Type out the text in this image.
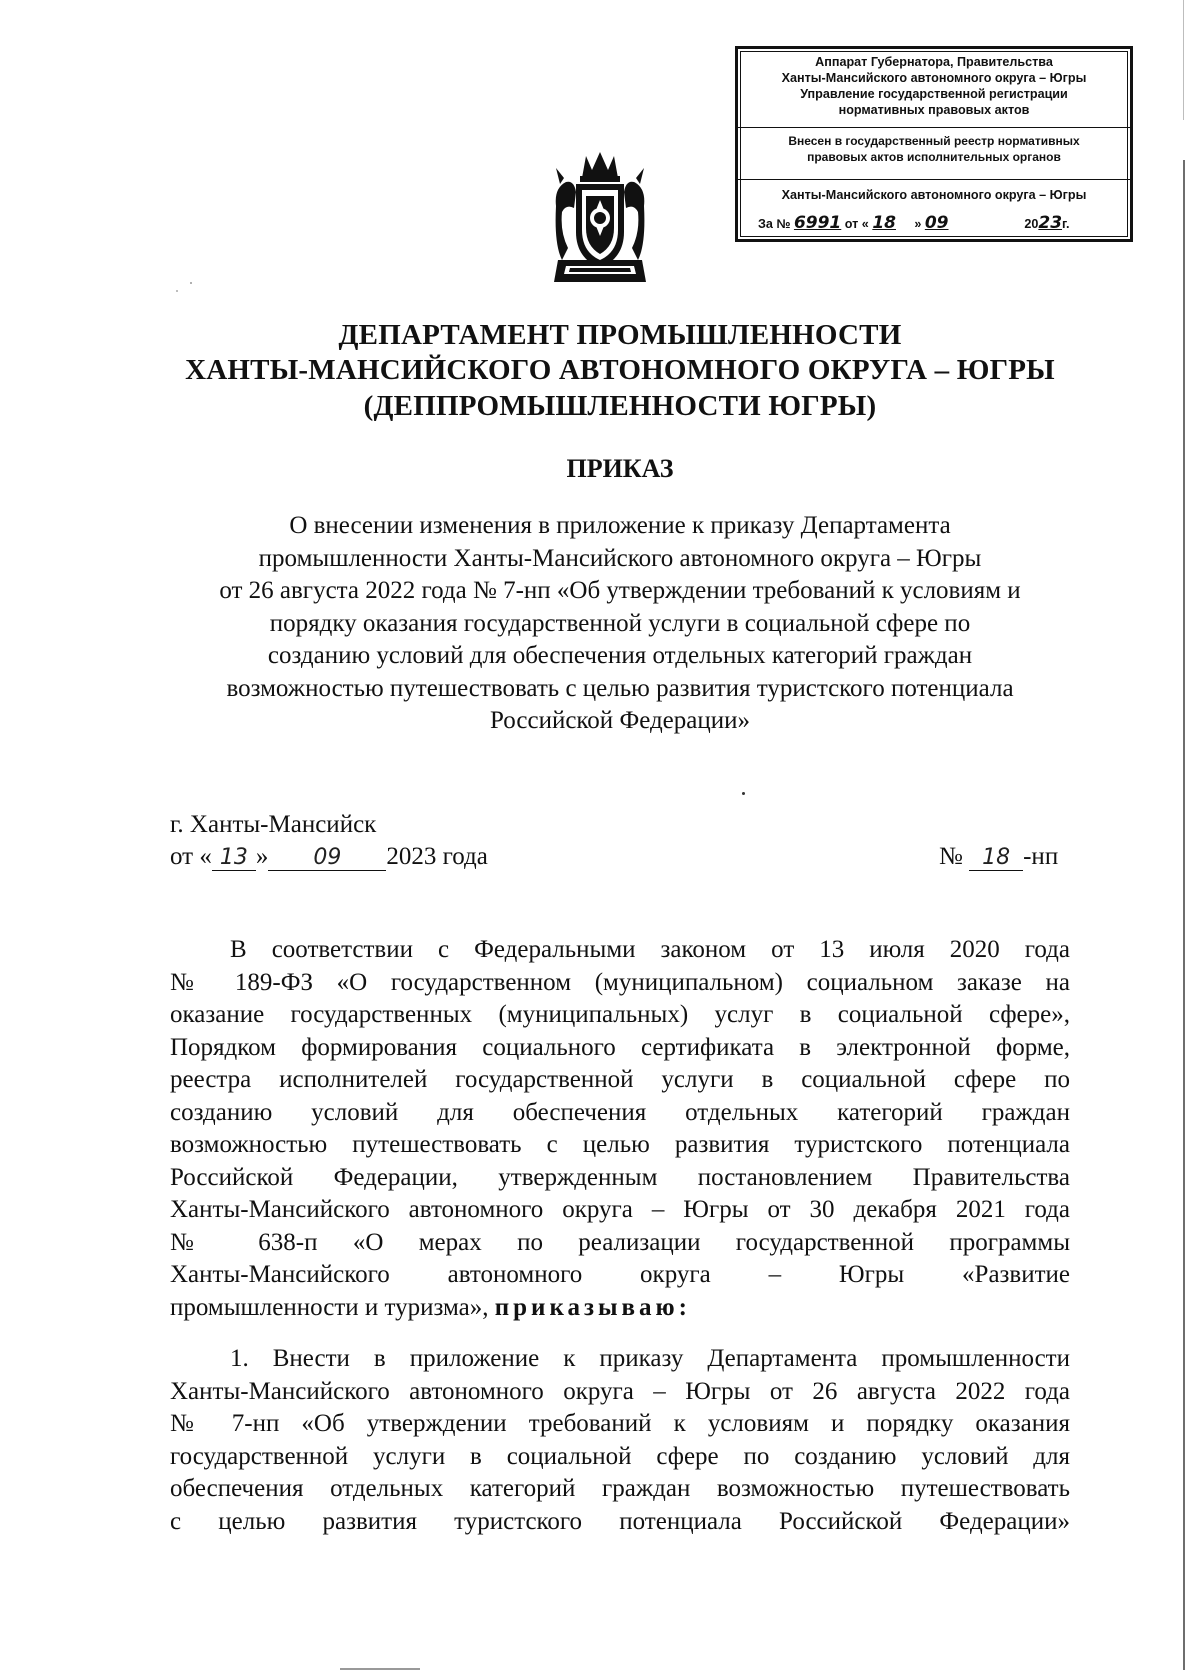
Аппарат Губернатора, Правительства
Ханты-Мансийского автономного округа – Югры
Управление государственной регистрации
нормативных правовых актов
Внесен в государственный реестр нормативных
правовых актов исполнительных органов
Ханты-Мансийского автономного округа – Югры
За № 6991 от « 18 » 09	2023г.
ДЕПАРТАМЕНТ ПРОМЫШЛЕННОСТИ
ХАНТЫ-МАНСИЙСКОГО АВТОНОМНОГО ОКРУГА – ЮГРЫ
(ДЕППРОМЫШЛЕННОСТИ ЮГРЫ)
ПРИКАЗ
О внесении изменения в приложение к приказу Департамента
промышленности Ханты-Мансийского автономного округа – Югры
от 26 августа 2022 года № 7-нп «Об утверждении требований к условиям и
порядку оказания государственной услуги в социальной сфере по
созданию условий для обеспечения отдельных категорий граждан
возможностью путешествовать с целью развития туристского потенциала
Российской Федерации»
г. Ханты-Мансийск
от « 13 » 09 2023 года	№ 18 -нп
В соответствии с Федеральными законом от 13 июля 2020 года
№ 189-ФЗ «О государственном (муниципальном) социальном заказе на
оказание государственных (муниципальных) услуг в социальной сфере»,
Порядком формирования социального сертификата в электронной форме,
реестра исполнителей государственной услуги в социальной сфере по
созданию условий для обеспечения отдельных категорий граждан
возможностью путешествовать с целью развития туристского потенциала
Российской Федерации, утвержденным постановлением Правительства
Ханты-Мансийского автономного округа – Югры от 30 декабря 2021 года
№ 638-п «О мерах по реализации государственной программы
Ханты-Мансийского автономного округа – Югры «Развитие
промышленности и туризма», приказываю:
1. Внести в приложение к приказу Департамента промышленности
Ханты-Мансийского автономного округа – Югры от 26 августа 2022 года
№ 7-нп «Об утверждении требований к условиям и порядку оказания
государственной услуги в социальной сфере по созданию условий для
обеспечения отдельных категорий граждан возможностью путешествовать
с целью развития туристского потенциала Российской Федерации»
